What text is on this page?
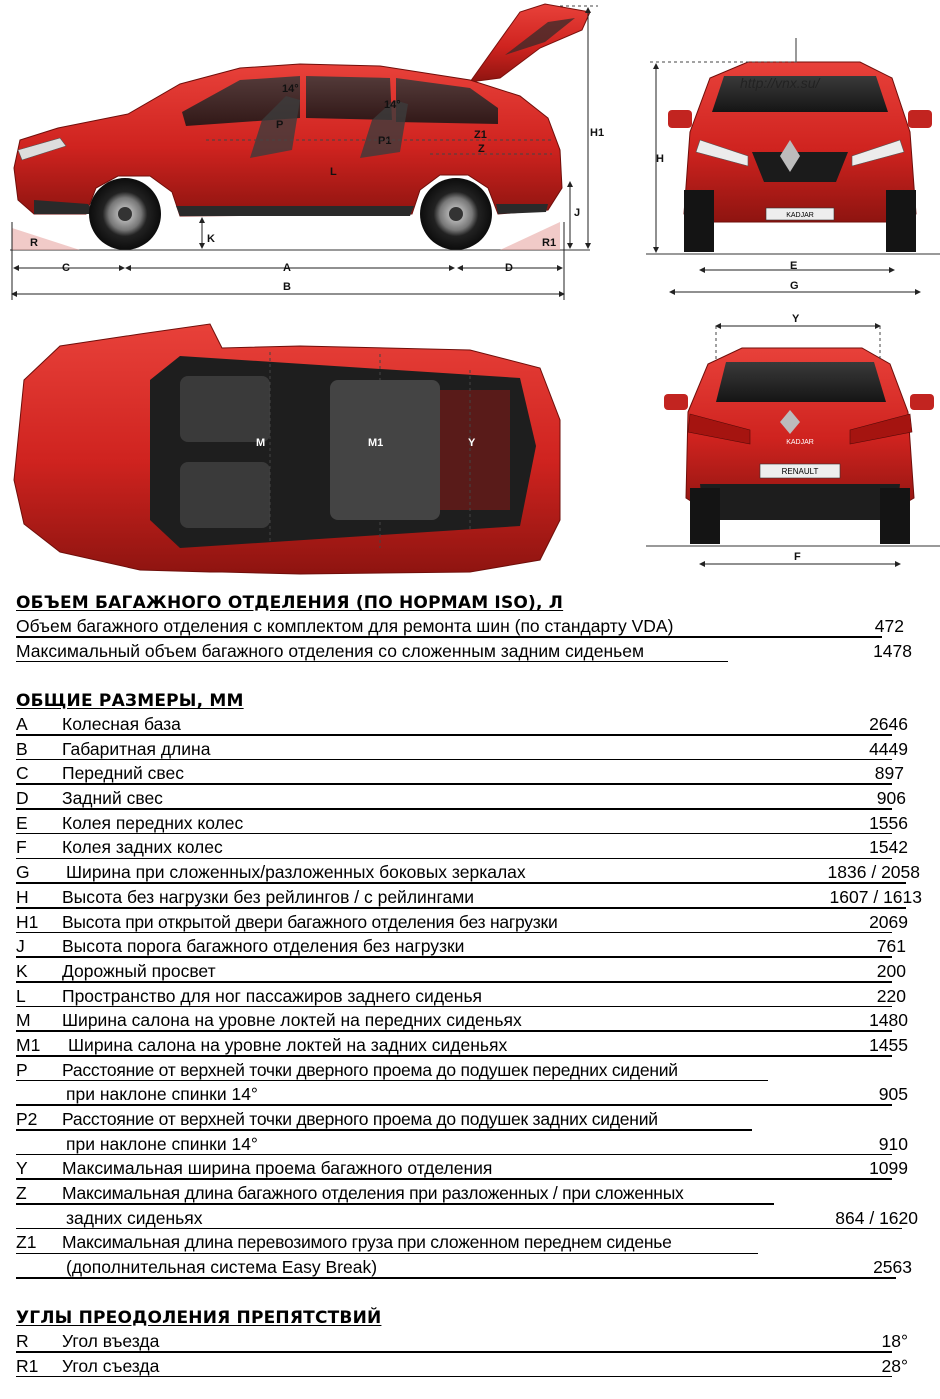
R	R1
14°
14°
P
P1	Z1
Z
L
H1
J
K
C	A	D
B
KADJAR
http://vnx.su/
H
E
G
M	M1	Y	KADJAR
RENAULT
Y
F
ОБЪЕМ БАГАЖНОГО ОТДЕЛЕНИЯ (ПО НОРМАМ ISO), Л
Объем багажного отделения с комплектом для ремонта шин (по стандарту VDA)	472
Максимальный объем багажного отделения со сложенным задним сиденьем	1478
ОБЩИЕ РАЗМЕРЫ, ММ
A	Колесная база	2646
B	Габаритная длина	4449
C	Передний свес	897
D	Задний свес	906
E	Колея передних колес	1556
F	Колея задних колес	1542
G	Ширина при сложенных/разложенных боковых зеркалах	1836 / 2058
H	Высота без нагрузки без рейлингов / с рейлингами	1607 / 1613
H1	Высота при открытой двери багажного отделения без нагрузки	2069
J	Высота порога багажного отделения без нагрузки	761
K	Дорожный просвет	200
L	Пространство для ног пассажиров заднего сиденья	220
M	Ширина салона на уровне локтей на передних сиденьях	1480
M1	Ширина салона на уровне локтей на задних сиденьях	1455
P	Расстояние от верхней точки дверного проема до подушек передних сидений
при наклоне спинки 14°	905
P2	Расстояние от верхней точки дверного проема до подушек задних сидений
при наклоне спинки 14°	910
Y	Максимальная ширина проема багажного отделения	1099
Z	Максимальная длина багажного отделения при разложенных / при сложенных
задних сиденьях	864 / 1620
Z1	Максимальная длина перевозимого груза при сложенном переднем сиденье
(дополнительная система Easy Break)	2563
УГЛЫ ПРЕОДОЛЕНИЯ ПРЕПЯТСТВИЙ
R	Угол въезда	18°
R1	Угол съезда	28°
